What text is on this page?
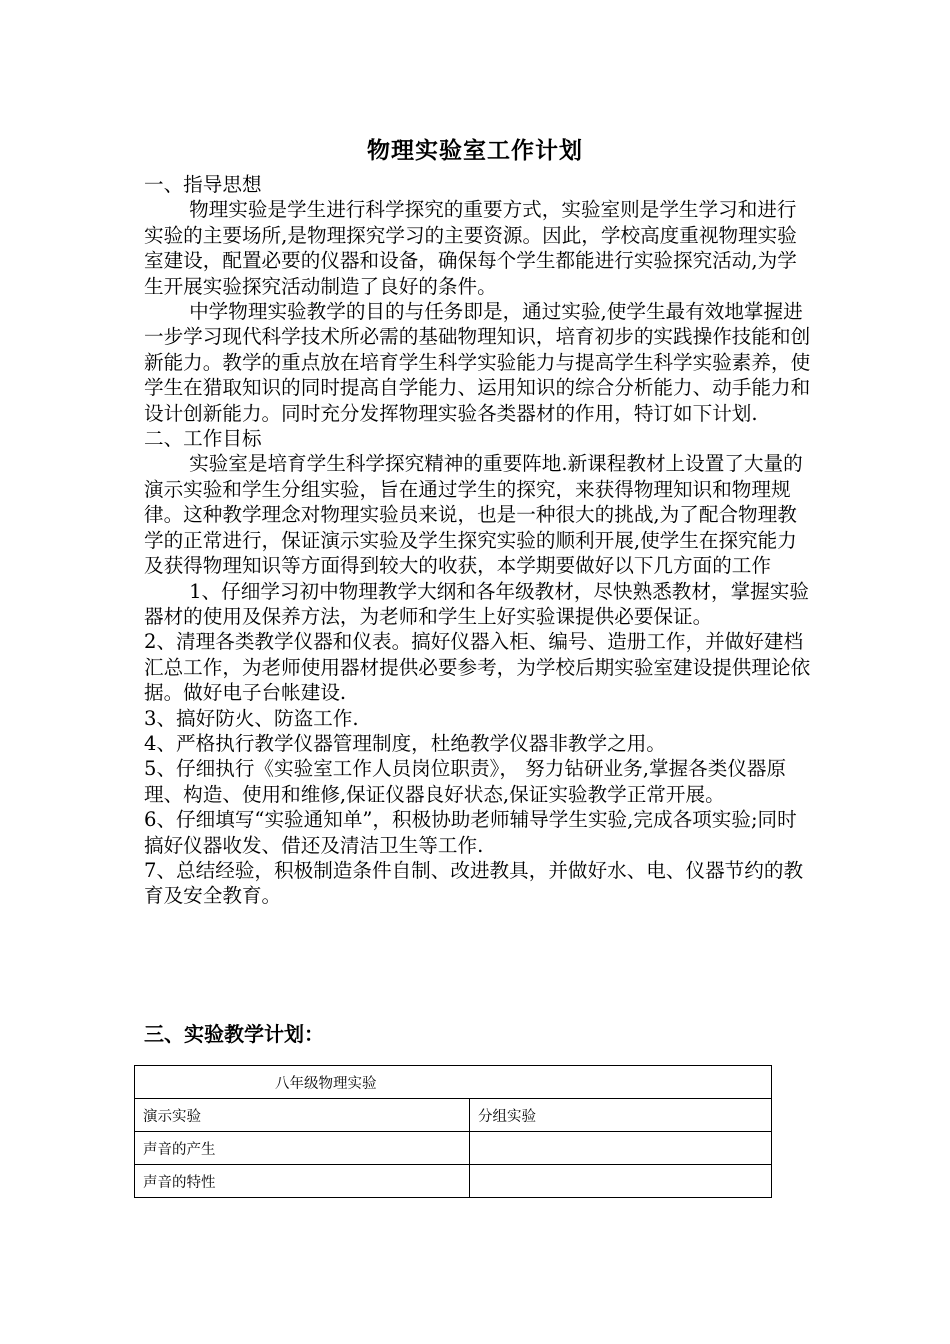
物理实验室工作计划

一、指导思想

物理实验是学生进行科学探究的重要方式，实验室则是学生学习和进行实验的主要场所,是物理探究学习的主要资源。因此，学校高度重视物理实验室建设，配置必要的仪器和设备，确保每个学生都能进行实验探究活动,为学生开展实验探究活动制造了良好的条件。

中学物理实验教学的目的与任务即是，通过实验,使学生最有效地掌握进一步学习现代科学技术所必需的基础物理知识，培育初步的实践操作技能和创新能力。教学的重点放在培育学生科学实验能力与提高学生科学实验素养，使学生在猎取知识的同时提高自学能力、运用知识的综合分析能力、动手能力和设计创新能力。同时充分发挥物理实验各类器材的作用，特订如下计划.

二、工作目标

实验室是培育学生科学探究精神的重要阵地.新课程教材上设置了大量的演示实验和学生分组实验，旨在通过学生的探究，来获得物理知识和物理规律。这种教学理念对物理实验员来说，也是一种很大的挑战,为了配合物理教学的正常进行，保证演示实验及学生探究实验的顺利开展,使学生在探究能力及获得物理知识等方面得到较大的收获，本学期要做好以下几方面的工作

1、仔细学习初中物理教学大纲和各年级教材，尽快熟悉教材，掌握实验器材的使用及保养方法，为老师和学生上好实验课提供必要保证。

2、清理各类教学仪器和仪表。搞好仪器入柜、编号、造册工作，并做好建档汇总工作，为老师使用器材提供必要参考，为学校后期实验室建设提供理论依据。做好电子台帐建设.

3、搞好防火、防盗工作.

4、严格执行教学仪器管理制度，杜绝教学仪器非教学之用。

5、仔细执行《实验室工作人员岗位职责》， 努力钻研业务,掌握各类仪器原理、构造、使用和维修,保证仪器良好状态,保证实验教学正常开展。

6、仔细填写“实验通知单”，积极协助老师辅导学生实验,完成各项实验;同时搞好仪器收发、借还及清洁卫生等工作.

7、总结经验，积极制造条件自制、改进教具，并做好水、电、仪器节约的教育及安全教育。

三、实验教学计划：
八年级物理实验	
演示实验	分组实验
声音的产生	
声音的特性	
